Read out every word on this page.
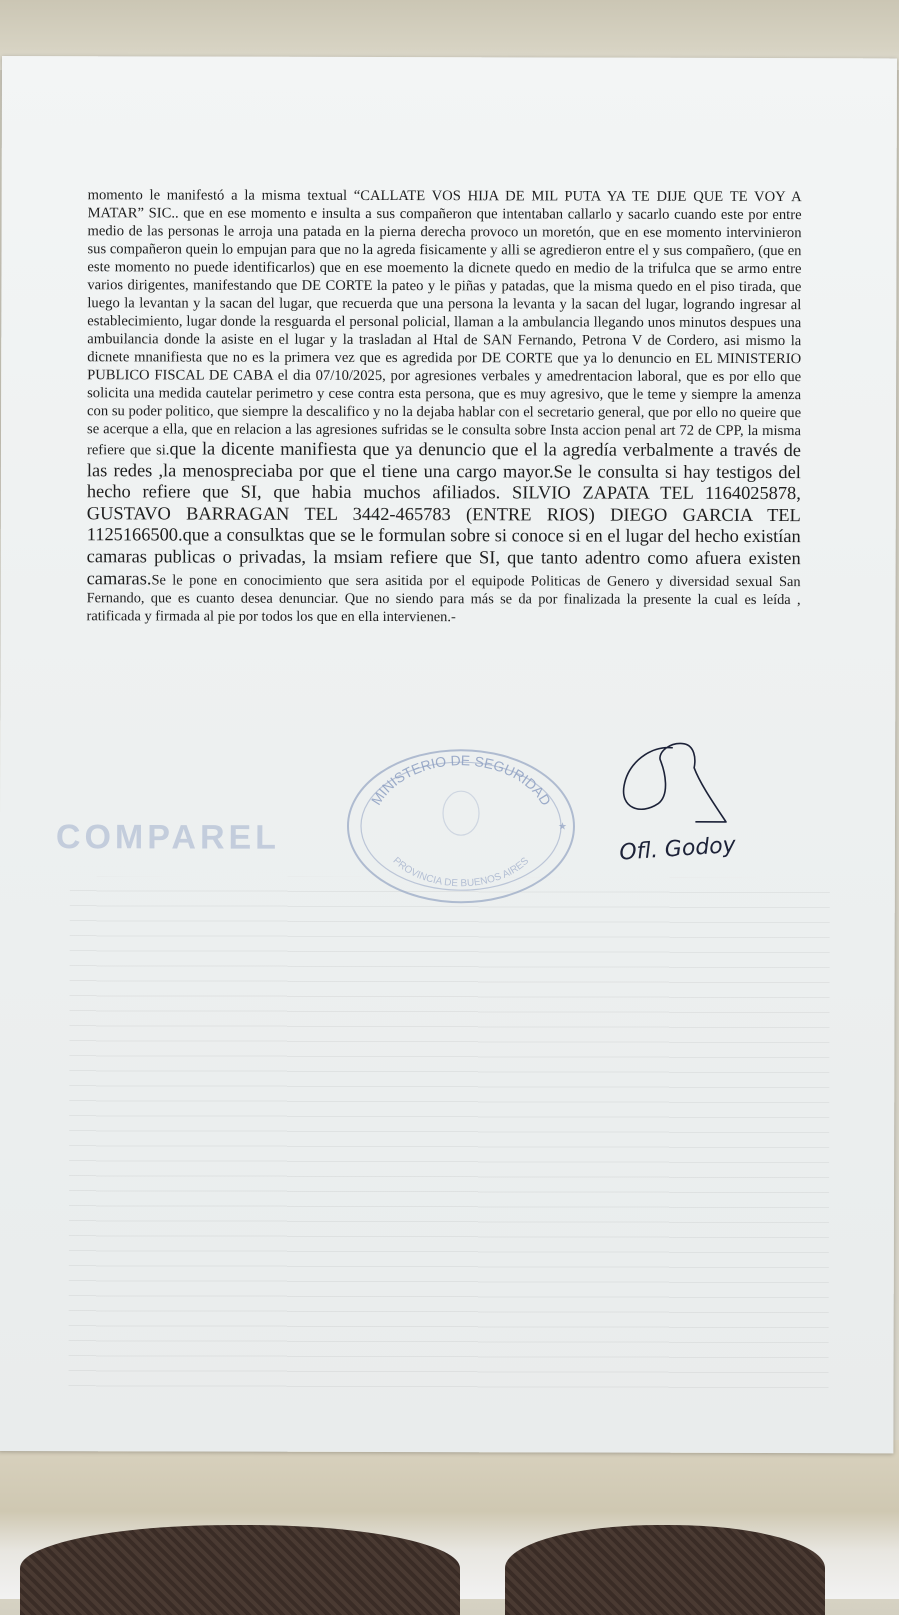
momento le manifestó a la misma textual “CALLATE VOS HIJA DE MIL PUTA YA TE DIJE QUE TE VOY A MATAR” SIC.. que en ese momento e insulta a sus compañeron que intentaban callarlo y sacarlo cuando este por entre medio de las personas le arroja una patada en la pierna derecha provoco un moretón, que en ese momento intervinieron sus compañeron quein lo empujan para que no la agreda fisicamente y alli se agredieron entre el y sus compañero, (que en este momento no puede identificarlos) que en ese moemento la dicnete quedo en medio de la trifulca que se armo entre varios dirigentes, manifestando que DE CORTE la pateo y le piñas y patadas, que la misma quedo en el piso tirada, que luego la levantan y la sacan del lugar, que recuerda que una persona la levanta y la sacan del lugar, logrando ingresar al establecimiento, lugar donde la resguarda el personal policial, llaman a la ambulancia llegando unos minutos despues una ambuilancia donde la asiste en el lugar y la trasladan al Htal de SAN Fernando, Petrona V de Cordero, asi mismo la dicnete mnanifiesta que no es la primera vez que es agredida por DE CORTE que ya lo denuncio en EL MINISTERIO PUBLICO FISCAL DE CABA el dia 07/10/2025, por agresiones verbales y amedrentacion laboral, que es por ello que solicita una medida cautelar perimetro y cese contra esta persona, que es muy agresivo, que le teme y siempre la amenza con su poder politico, que siempre la descalifico y no la dejaba hablar con el secretario general, que por ello no queire que se acerque a ella, que en relacion a las agresiones sufridas se le consulta sobre Insta accion penal art 72 de CPP, la misma refiere que si.que la dicente manifiesta que ya denuncio que el la agredía verbalmente a través de las redes ,la menospreciaba por que el tiene una cargo mayor.Se le consulta si hay testigos del hecho refiere que SI, que habia muchos afiliados. SILVIO ZAPATA TEL 1164025878, GUSTAVO BARRAGAN TEL 3442-465783 (ENTRE RIOS) DIEGO GARCIA TEL 1125166500.que a consulktas que se le formulan sobre si conoce si en el lugar del hecho existían camaras publicas o privadas, la msiam refiere que SI, que tanto adentro como afuera existen camaras.Se le pone en conocimiento que sera asitida por el equipode Politicas de Genero y diversidad sexual San Fernando, que es cuanto desea denunciar. Que no siendo para más se da por finalizada la presente la cual es leída , ratificada y firmada al pie por todos los que en ella intervienen.-

COMPAREL
MINISTERIO DE SEGURIDAD
PROVINCIA DE BUENOS AIRES
★
Ofl. Godoy
